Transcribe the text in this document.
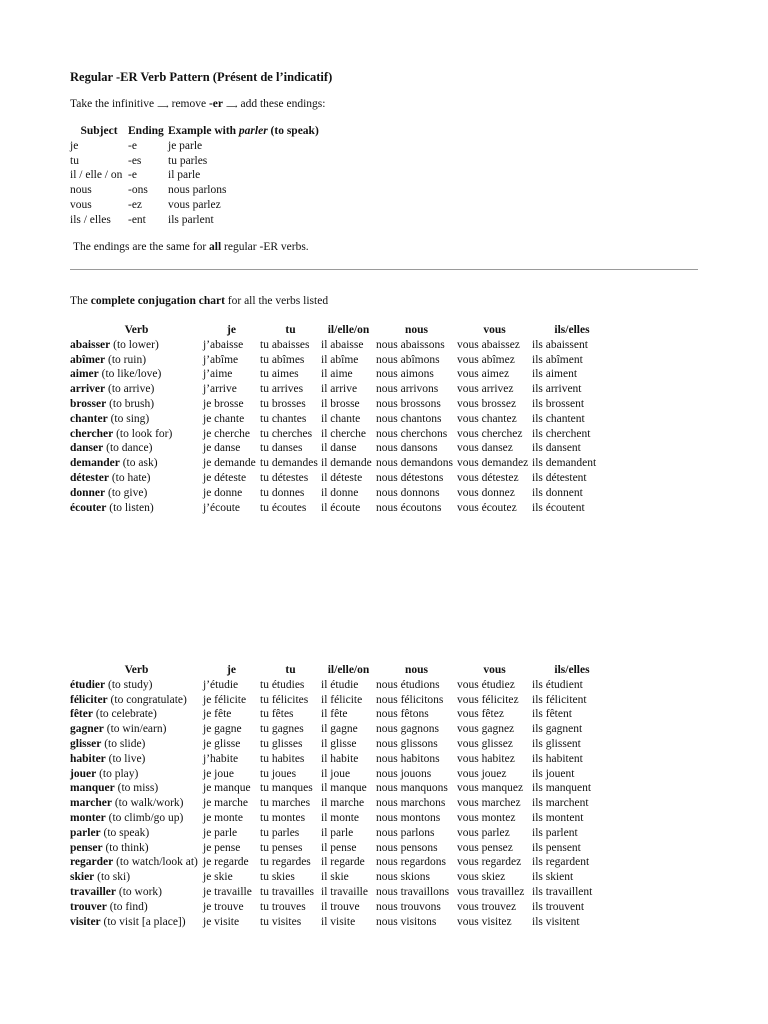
Regular -ER Verb Pattern (Présent de l’indicatif)
Take the infinitive ⟶ remove -er ⟶ add these endings:
Subject	Ending	Example with parler (to speak)
je	-e	je parle
tu	-es	tu parles
il / elle / on	-e	il parle
nous	-ons	nous parlons
vous	-ez	vous parlez
ils / elles	-ent	ils parlent
The endings are the same for all regular -ER verbs.
The complete conjugation chart for all the verbs listed
Verb	je	tu	il/elle/on	nous	vous	ils/elles
abaisser (to lower)	j’abaisse	tu abaisses	il abaisse	nous abaissons	vous abaissez	ils abaissent
abîmer (to ruin)	j’abîme	tu abîmes	il abîme	nous abîmons	vous abîmez	ils abîment
aimer (to like/love)	j’aime	tu aimes	il aime	nous aimons	vous aimez	ils aiment
arriver (to arrive)	j’arrive	tu arrives	il arrive	nous arrivons	vous arrivez	ils arrivent
brosser (to brush)	je brosse	tu brosses	il brosse	nous brossons	vous brossez	ils brossent
chanter (to sing)	je chante	tu chantes	il chante	nous chantons	vous chantez	ils chantent
chercher (to look for)	je cherche	tu cherches	il cherche	nous cherchons	vous cherchez	ils cherchent
danser (to dance)	je danse	tu danses	il danse	nous dansons	vous dansez	ils dansent
demander (to ask)	je demande	tu demandes	il demande	nous demandons	vous demandez	ils demandent
détester (to hate)	je déteste	tu détestes	il déteste	nous détestons	vous détestez	ils détestent
donner (to give)	je donne	tu donnes	il donne	nous donnons	vous donnez	ils donnent
écouter (to listen)	j’écoute	tu écoutes	il écoute	nous écoutons	vous écoutez	ils écoutent
Verb	je	tu	il/elle/on	nous	vous	ils/elles
étudier (to study)	j’étudie	tu étudies	il étudie	nous étudions	vous étudiez	ils étudient
féliciter (to congratulate)	je félicite	tu félicites	il félicite	nous félicitons	vous félicitez	ils félicitent
fêter (to celebrate)	je fête	tu fêtes	il fête	nous fêtons	vous fêtez	ils fêtent
gagner (to win/earn)	je gagne	tu gagnes	il gagne	nous gagnons	vous gagnez	ils gagnent
glisser (to slide)	je glisse	tu glisses	il glisse	nous glissons	vous glissez	ils glissent
habiter (to live)	j’habite	tu habites	il habite	nous habitons	vous habitez	ils habitent
jouer (to play)	je joue	tu joues	il joue	nous jouons	vous jouez	ils jouent
manquer (to miss)	je manque	tu manques	il manque	nous manquons	vous manquez	ils manquent
marcher (to walk/work)	je marche	tu marches	il marche	nous marchons	vous marchez	ils marchent
monter (to climb/go up)	je monte	tu montes	il monte	nous montons	vous montez	ils montent
parler (to speak)	je parle	tu parles	il parle	nous parlons	vous parlez	ils parlent
penser (to think)	je pense	tu penses	il pense	nous pensons	vous pensez	ils pensent
regarder (to watch/look at)	je regarde	tu regardes	il regarde	nous regardons	vous regardez	ils regardent
skier (to ski)	je skie	tu skies	il skie	nous skions	vous skiez	ils skient
travailler (to work)	je travaille	tu travailles	il travaille	nous travaillons	vous travaillez	ils travaillent
trouver (to find)	je trouve	tu trouves	il trouve	nous trouvons	vous trouvez	ils trouvent
visiter (to visit [a place])	je visite	tu visites	il visite	nous visitons	vous visitez	ils visitent
